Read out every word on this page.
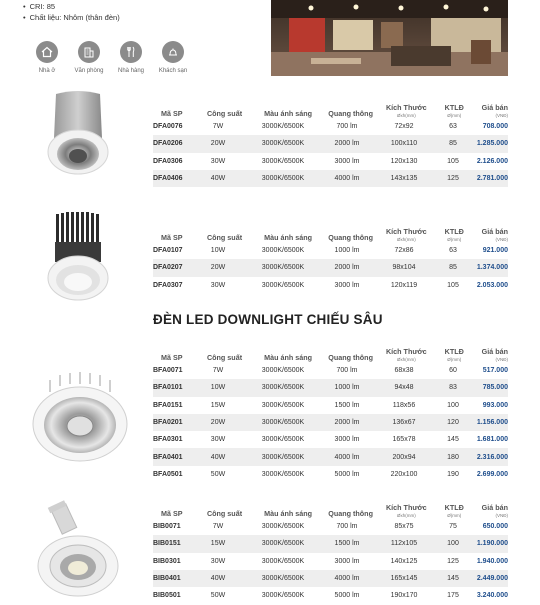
• CRI: 85
• Chất liệu: Nhôm (thân đèn)
Nhà ở	Văn phòng	Nhà hàng	Khách sạn
ĐÈN LED DOWNLIGHT CHIẾU SÂU
Mã SP	Công suất	Màu ánh sáng	Quang thông
Kích Thước
Øxh(mm)
KTLĐ
Ø(mm)
Giá bán
(VNĐ)
DFA0076	7W	3000K/6500K	700 lm	72x92	63	708.000
DFA0206	20W	3000K/6500K	2000 lm	100x110	85	1.285.000
DFA0306	30W	3000K/6500K	3000 lm	120x130	105	2.126.000
DFA0406	40W	3000K/6500K	4000 lm	143x135	125	2.781.000
Mã SP	Công suất	Màu ánh sáng	Quang thông
Kích Thước
Øxh(mm)
KTLĐ
Ø(mm)
Giá bán
(VNĐ)
DFA0107	10W	3000K/6500K	1000 lm	72x86	63	921.000
DFA0207	20W	3000K/6500K	2000 lm	98x104	85	1.374.000
DFA0307	30W	3000K/6500K	3000 lm	120x119	105	2.053.000
Mã SP	Công suất	Màu ánh sáng	Quang thông
Kích Thước
Øxh(mm)
KTLĐ
Ø(mm)
Giá bán
(VNĐ)
BFA0071	7W	3000K/6500K	700 lm	68x38	60	517.000
BFA0101	10W	3000K/6500K	1000 lm	94x48	83	785.000
BFA0151	15W	3000K/6500K	1500 lm	118x56	100	993.000
BFA0201	20W	3000K/6500K	2000 lm	136x67	120	1.156.000
BFA0301	30W	3000K/6500K	3000 lm	165x78	145	1.681.000
BFA0401	40W	3000K/6500K	4000 lm	200x94	180	2.316.000
BFA0501	50W	3000K/6500K	5000 lm	220x100	190	2.699.000
Mã SP	Công suất	Màu ánh sáng	Quang thông
Kích Thước
Øxh(mm)
KTLĐ
Ø(mm)
Giá bán
(VNĐ)
BIB0071	7W	3000K/6500K	700 lm	85x75	75	650.000
BIB0151	15W	3000K/6500K	1500 lm	112x105	100	1.190.000
BIB0301	30W	3000K/6500K	3000 lm	140x125	125	1.940.000
BIB0401	40W	3000K/6500K	4000 lm	165x145	145	2.449.000
BIB0501	50W	3000K/6500K	5000 lm	190x170	175	3.240.000
